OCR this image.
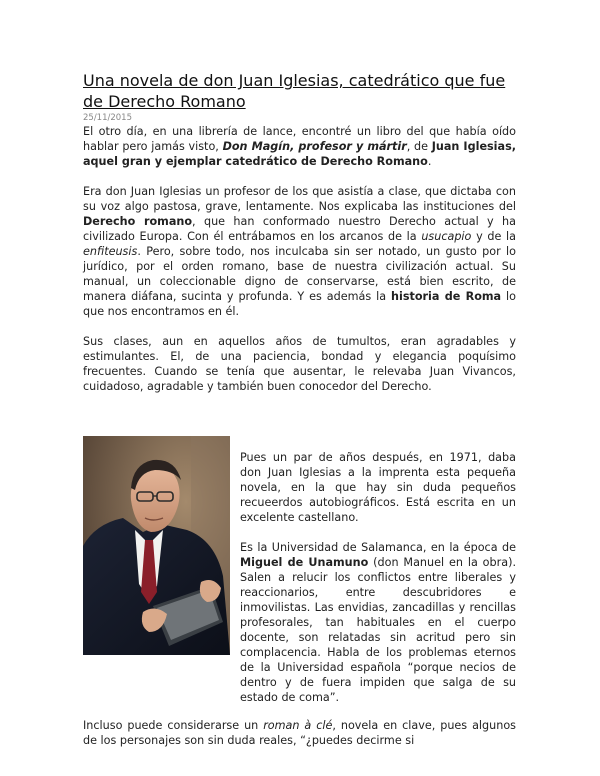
Una novela de don Juan Iglesias, catedrático que fue de Derecho Romano
25/11/2015

El otro día, en una librería de lance, encontré un libro del que había oído hablar pero jamás visto, Don Magín, profesor y mártir, de Juan Iglesias, aquel gran y ejemplar catedrático de Derecho Romano.

Era don Juan Iglesias un profesor de los que asistía a clase, que dictaba con su voz algo pastosa, grave, lentamente. Nos explicaba las instituciones del Derecho romano, que han conformado nuestro Derecho actual y ha civilizado Europa. Con él entrábamos en los arcanos de la usucapio y de la enfiteusis. Pero, sobre todo, nos inculcaba sin ser notado, un gusto por lo jurídico, por el orden romano, base de nuestra civilización actual. Su manual, un coleccionable digno de conservarse, está bien escrito, de manera diáfana, sucinta y profunda. Y es además la historia de Roma lo que nos encontramos en él.

Sus clases, aun en aquellos años de tumultos, eran agradables y estimulantes. El, de una paciencia, bondad y elegancia poquísimo frecuentes. Cuando se tenía que ausentar, le relevaba Juan Vivancos, cuidadoso, agradable y también buen conocedor del Derecho.

Pues un par de años después, en 1971, daba don Juan Iglesias a la imprenta esta pequeña novela, en la que hay sin duda pequeños recueerdos autobiográficos. Está escrita en un excelente castellano.

Es la Universidad de Salamanca, en la época de Miguel de Unamuno (don Manuel en la obra). Salen a relucir los conflictos entre liberales y reaccionarios, entre descubridores e inmovilistas. Las envidias, zancadillas y rencillas profesorales, tan habituales en el cuerpo docente, son relatadas sin acritud pero sin complacencia. Habla de los problemas eternos de la Universidad española “porque necios de dentro y de fuera impiden que salga de su estado de coma”.

Incluso puede considerarse un roman à clé, novela en clave, pues algunos de los personajes son sin duda reales, “¿puedes decirme si
